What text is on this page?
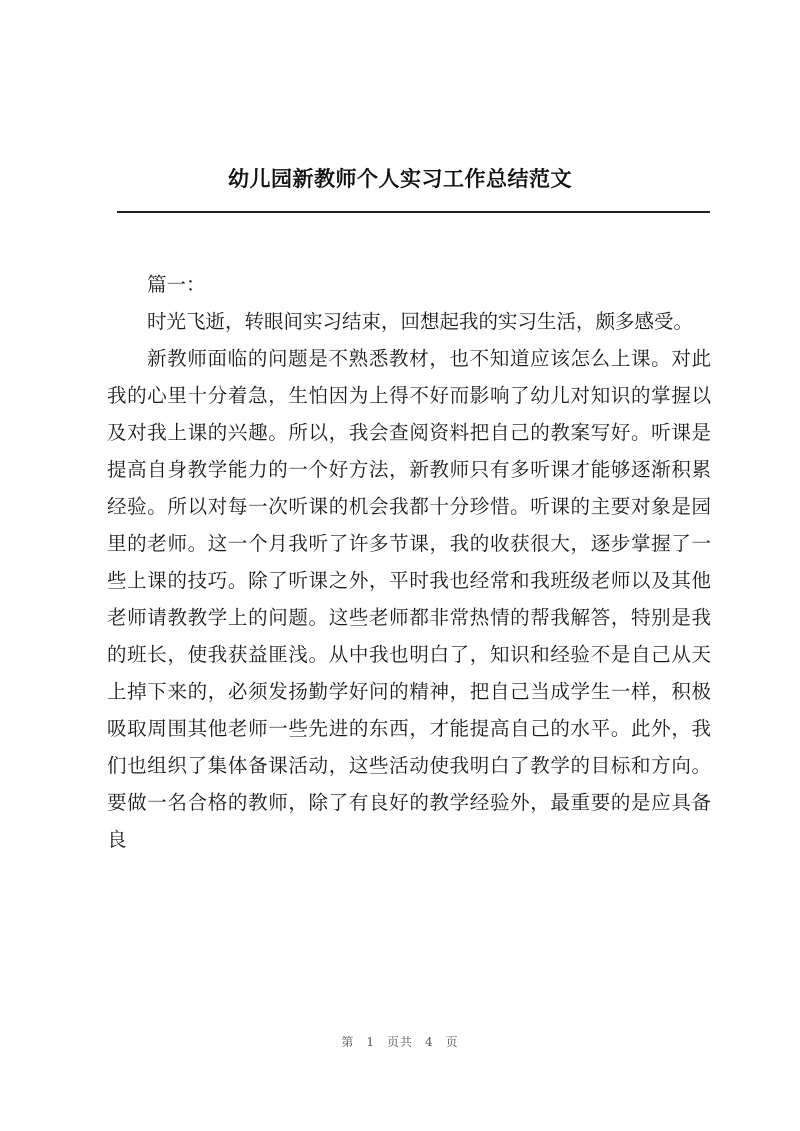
幼儿园新教师个人实习工作总结范文

篇一：

时光飞逝，转眼间实习结束，回想起我的实习生活，颇多感受。

新教师面临的问题是不熟悉教材，也不知道应该怎么上课。对此我的心里十分着急，生怕因为上得不好而影响了幼儿对知识的掌握以及对我上课的兴趣。所以，我会查阅资料把自己的教案写好。听课是提高自身教学能力的一个好方法，新教师只有多听课才能够逐渐积累经验。所以对每一次听课的机会我都十分珍惜。听课的主要对象是园里的老师。这一个月我听了许多节课，我的收获很大，逐步掌握了一些上课的技巧。除了听课之外，平时我也经常和我班级老师以及其他老师请教教学上的问题。这些老师都非常热情的帮我解答，特别是我的班长，使我获益匪浅。从中我也明白了，知识和经验不是自己从天上掉下来的，必须发扬勤学好问的精神，把自己当成学生一样，积极吸取周围其他老师一些先进的东西，才能提高自己的水平。此外，我们也组织了集体备课活动，这些活动使我明白了教学的目标和方向。要做一名合格的教师，除了有良好的教学经验外，最重要的是应具备良

第 1 页共 4 页
